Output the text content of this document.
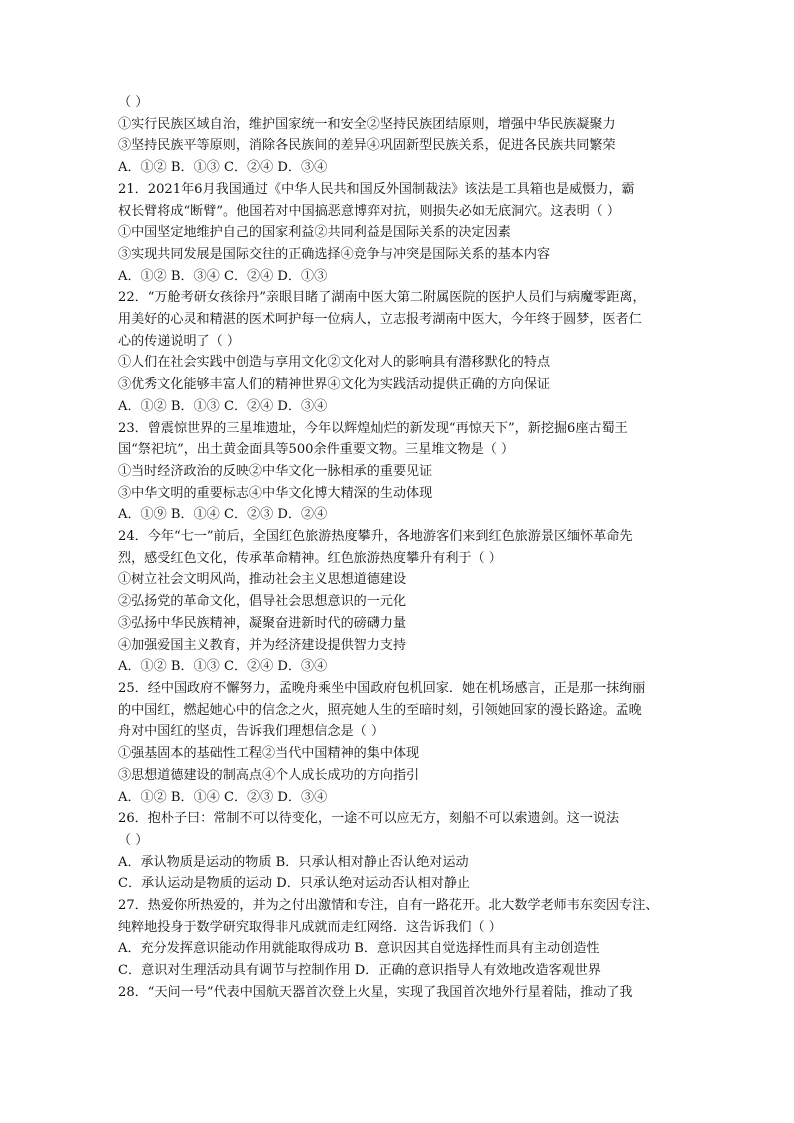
（ ）

①实行民族区域自治，维护国家统一和安全②坚持民族团结原则，增强中华民族凝聚力

③坚持民族平等原则，消除各民族间的差异④巩固新型民族关系，促进各民族共同繁荣

A．①② B．①③ C．②④ D．③④

21．2021年6月我国通过《中华人民共和国反外国制裁法》该法是工具箱也是威慑力，霸

权长臂将成“断臂”。他国若对中国搞恶意博弈对抗，则损失必如无底洞穴。这表明（ ）

①中国坚定地维护自己的国家利益②共同利益是国际关系的决定因素

③实现共同发展是国际交往的正确选择④竞争与冲突是国际关系的基本内容

A．①② B．③④ C．②④ D．①③

22．“万舱考研女孩徐丹”亲眼目睹了湖南中医大第二附属医院的医护人员们与病魔零距离，

用美好的心灵和精湛的医术呵护每一位病人，立志报考湖南中医大，今年终于圆梦，医者仁

心的传递说明了（ ）

①人们在社会实践中创造与享用文化②文化对人的影响具有潜移默化的特点

③优秀文化能够丰富人们的精神世界④文化为实践活动提供正确的方向保证

A．①② B．①③ C．②④ D．③④

23．曾震惊世界的三星堆遗址，今年以辉煌灿烂的新发现“再惊天下”，新挖掘6座古蜀王

国“祭祀坑”，出土黄金面具等500余件重要文物。三星堆文物是（ ）

①当时经济政治的反映②中华文化一脉相承的重要见证

③中华文明的重要标志④中华文化博大精深的生动体现

A．①⑨ B．①④ C．②③ D．②④

24．今年“七一”前后，全国红色旅游热度攀升，各地游客们来到红色旅游景区缅怀革命先

烈，感受红色文化，传承革命精神。红色旅游热度攀升有利于（ ）

①树立社会文明风尚，推动社会主义思想道德建设

②弘扬党的革命文化，倡导社会思想意识的一元化

③弘扬中华民族精神，凝聚奋进新时代的磅礴力量

④加强爱国主义教育，并为经济建设提供智力支持

A．①② B．①③ C．②④ D．③④

25．经中国政府不懈努力，孟晚舟乘坐中国政府包机回家．她在机场感言，正是那一抹绚丽

的中国红，燃起她心中的信念之火，照亮她人生的至暗时刻，引领她回家的漫长路途。孟晚

舟对中国红的坚贞，告诉我们理想信念是（ ）

①强基固本的基础性工程②当代中国精神的集中体现

③思想道德建设的制高点④个人成长成功的方向指引

A．①② B．①④ C．②③ D．③④

26．抱朴子曰：常制不可以待变化，一途不可以应无方，刻船不可以索遗剑。这一说法

（ ）

A．承认物质是运动的物质 B．只承认相对静止否认绝对运动

C．承认运动是物质的运动 D．只承认绝对运动否认相对静止

27．热爱你所热爱的，并为之付出激情和专注，自有一路花开。北大数学老师韦东奕因专注、

纯粹地投身于数学研究取得非凡成就而走红网络．这告诉我们（ ）

A．充分发挥意识能动作用就能取得成功 B．意识因其自觉选择性而具有主动创造性

C．意识对生理活动具有调节与控制作用 D．正确的意识指导人有效地改造客观世界

28．“天问一号”代表中国航天器首次登上火星，实现了我国首次地外行星着陆，推动了我
